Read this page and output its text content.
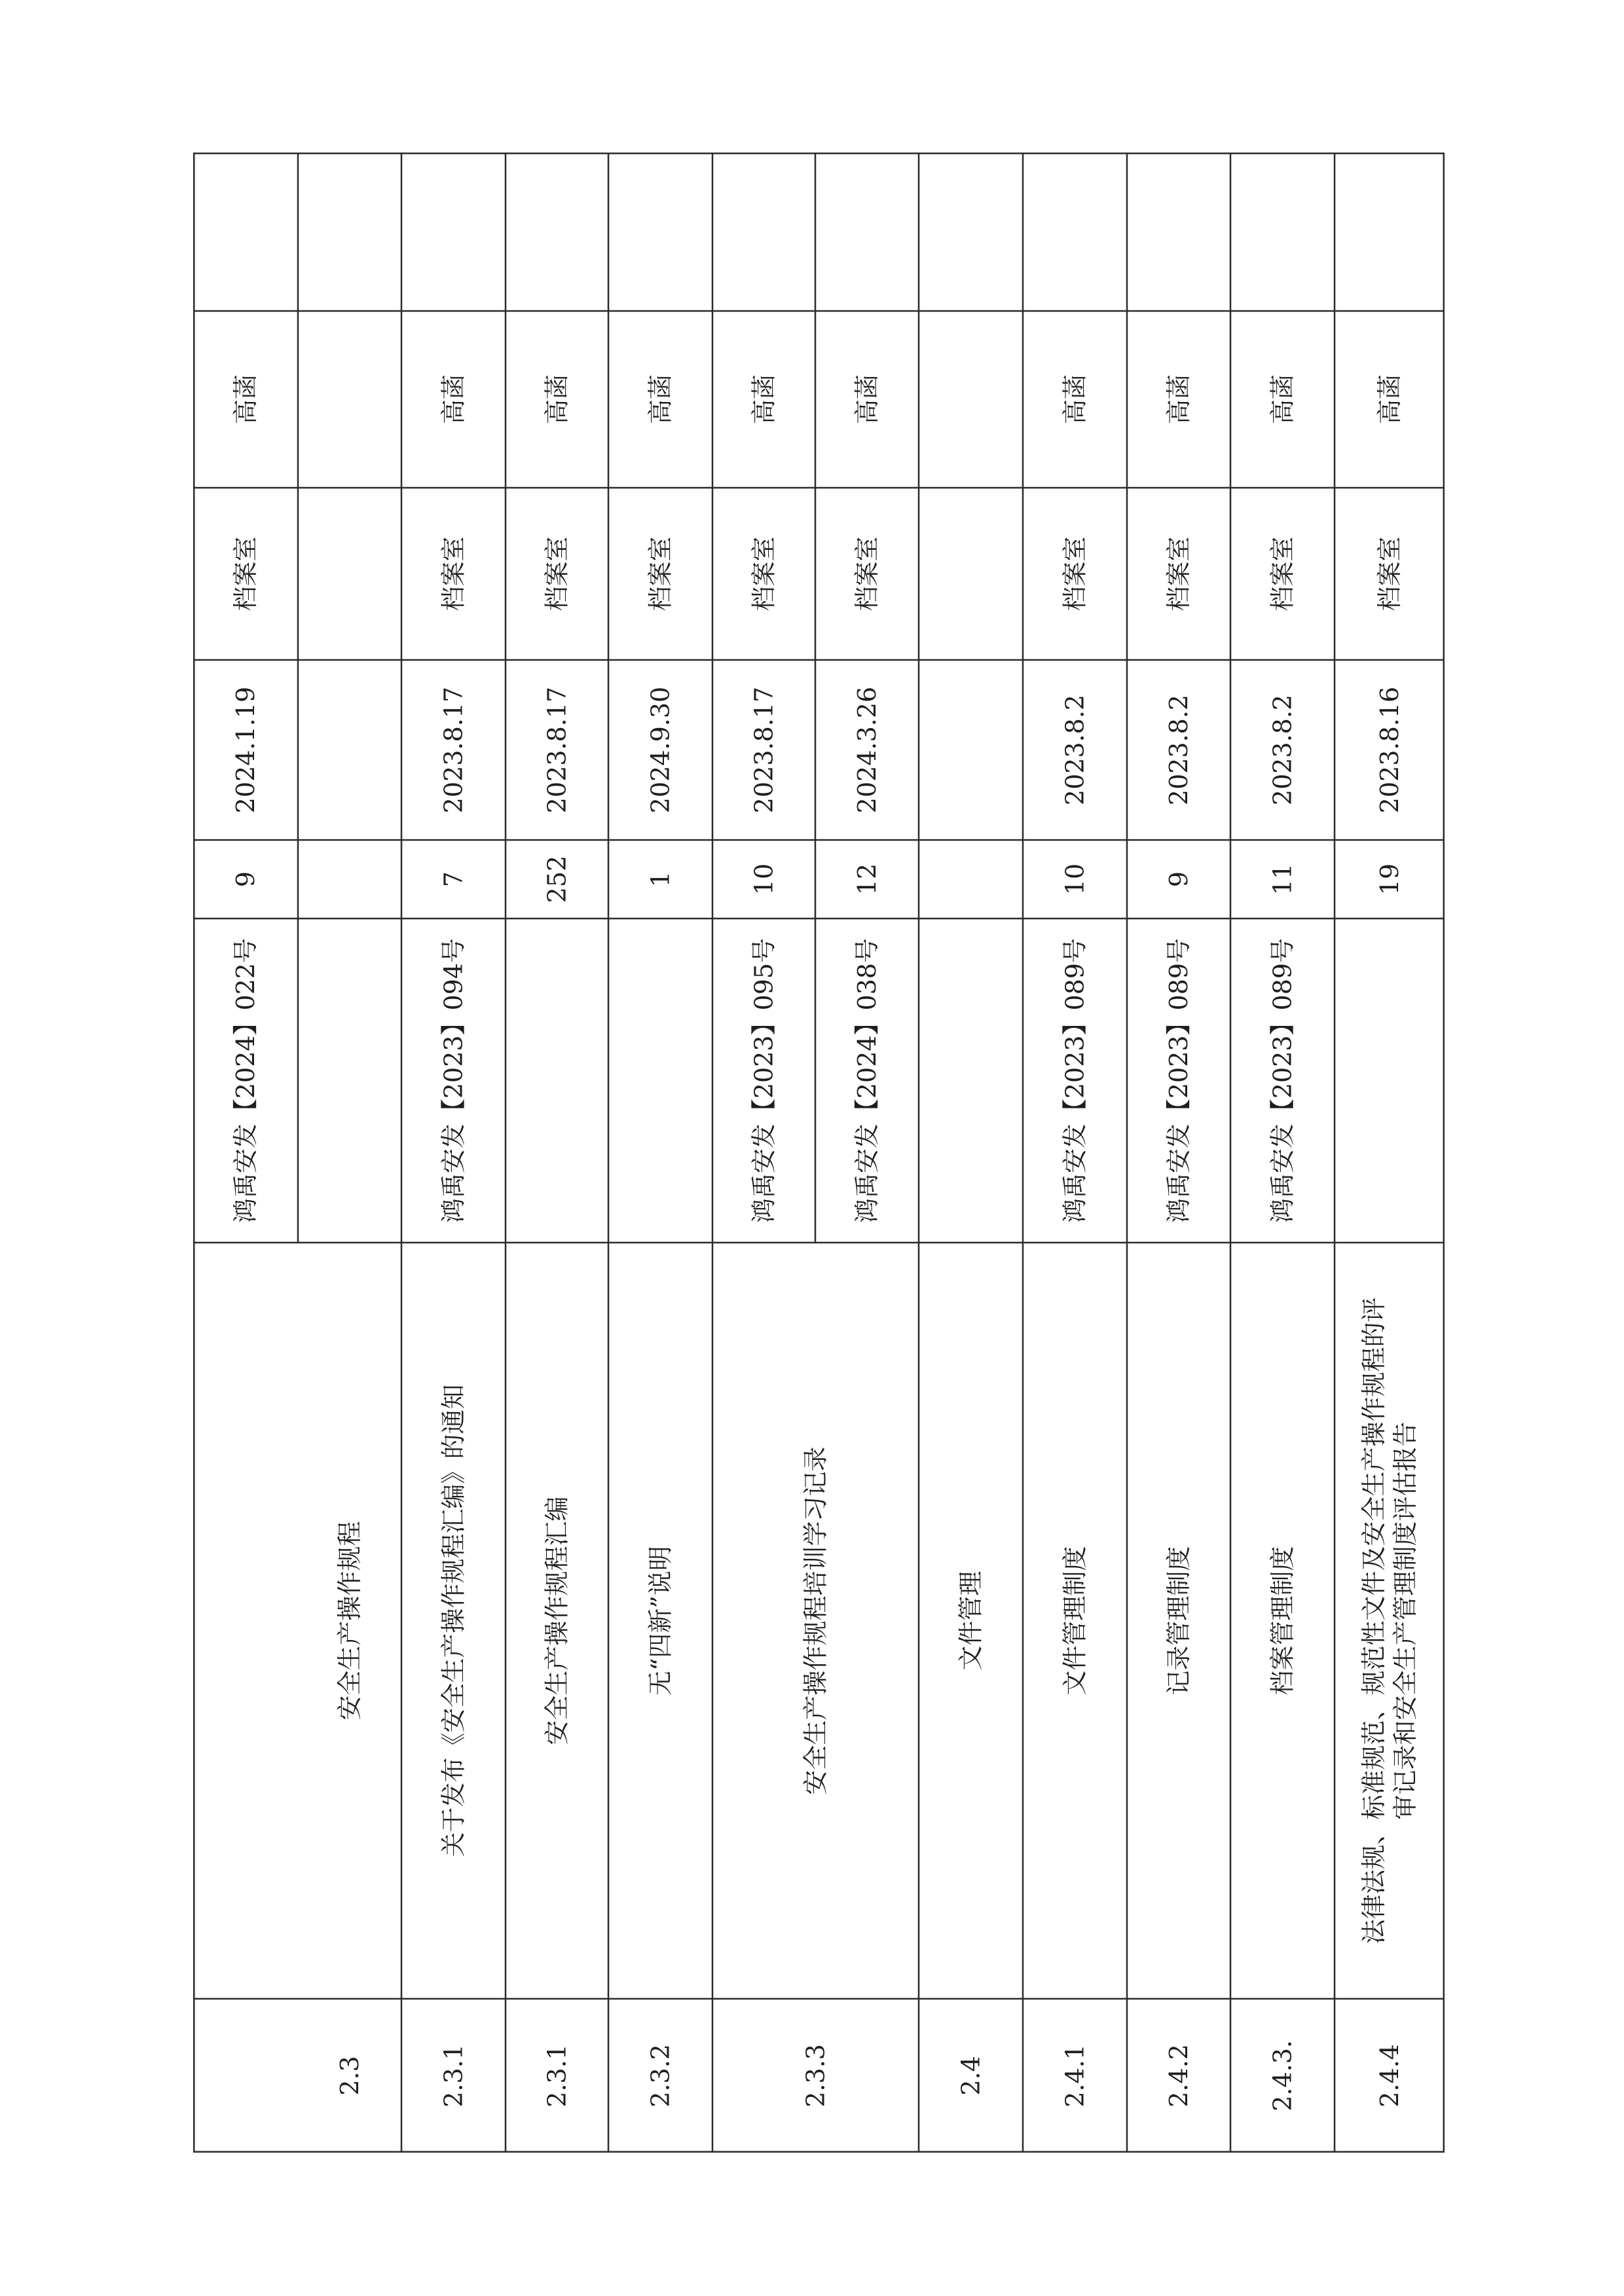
高菡
档案室
2024.1.19
9
鸿禹安发【2024】022号
安全生产操作规程
2.3
高菡
档案室
2023.8.17
7
鸿禹安发【2023】094号
关于发布《安全生产操作规程汇编》的通知
2.3.1
高菡
档案室
2023.8.17
252
安全生产操作规程汇编
2.3.1
高菡
档案室
2024.9.30
1
无“四新”说明
2.3.2
高菡
档案室
2023.8.17
10
鸿禹安发【2023】095号
安全生产操作规程培训学习记录
2.3.3
高菡
档案室
2024.3.26
12
鸿禹安发【2024】038号
文件管理
2.4
高菡
档案室
2023.8.2
10
鸿禹安发【2023】089号
文件管理制度
2.4.1
高菡
档案室
2023.8.2
9
鸿禹安发【2023】089号
记录管理制度
2.4.2
高菡
档案室
2023.8.2
11
鸿禹安发【2023】089号
档案管理制度
2.4.3.
高菡
档案室
2023.8.16
19
法律法规、标准规范、规范性文件及安全生产操作规程的评 审记录和安全生产管理制度评估报告
2.4.4
